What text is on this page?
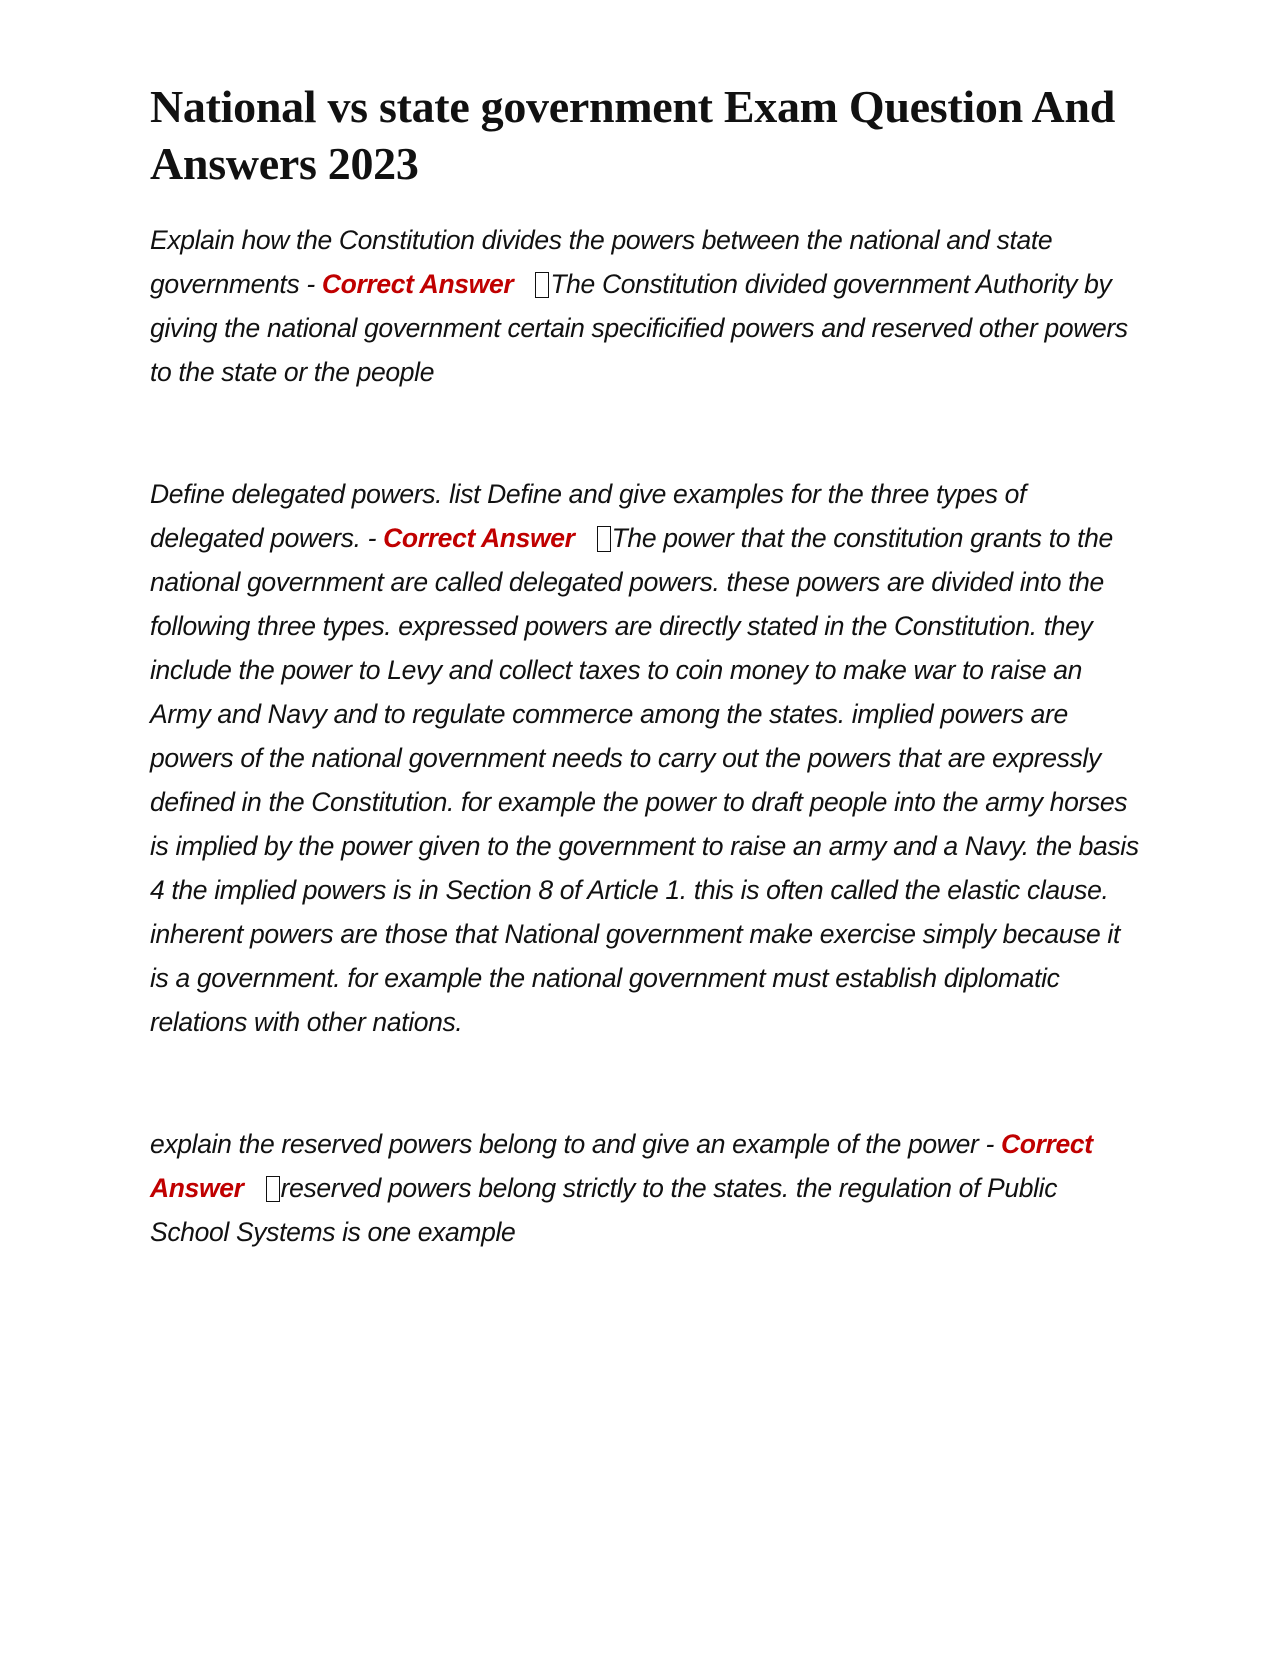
National vs state government Exam Question And Answers 2023

Explain how the Constitution divides the powers between the national and state governments - Correct Answer The Constitution divided government Authority by giving the national government certain specificified powers and reserved other powers to the state or the people

Define delegated powers. list Define and give examples for the three types of delegated powers. - Correct Answer The power that the constitution grants to the national government are called delegated powers. these powers are divided into the following three types. expressed powers are directly stated in the Constitution. they include the power to Levy and collect taxes to coin money to make war to raise an Army and Navy and to regulate commerce among the states. implied powers are powers of the national government needs to carry out the powers that are expressly defined in the Constitution. for example the power to draft people into the army horses is implied by the power given to the government to raise an army and a Navy. the basis 4 the implied powers is in Section 8 of Article 1. this is often called the elastic clause. inherent powers are those that National government make exercise simply because it is a government. for example the national government must establish diplomatic relations with other nations.

explain the reserved powers belong to and give an example of the power - Correct Answer reserved powers belong strictly to the states. the regulation of Public School Systems is one example
